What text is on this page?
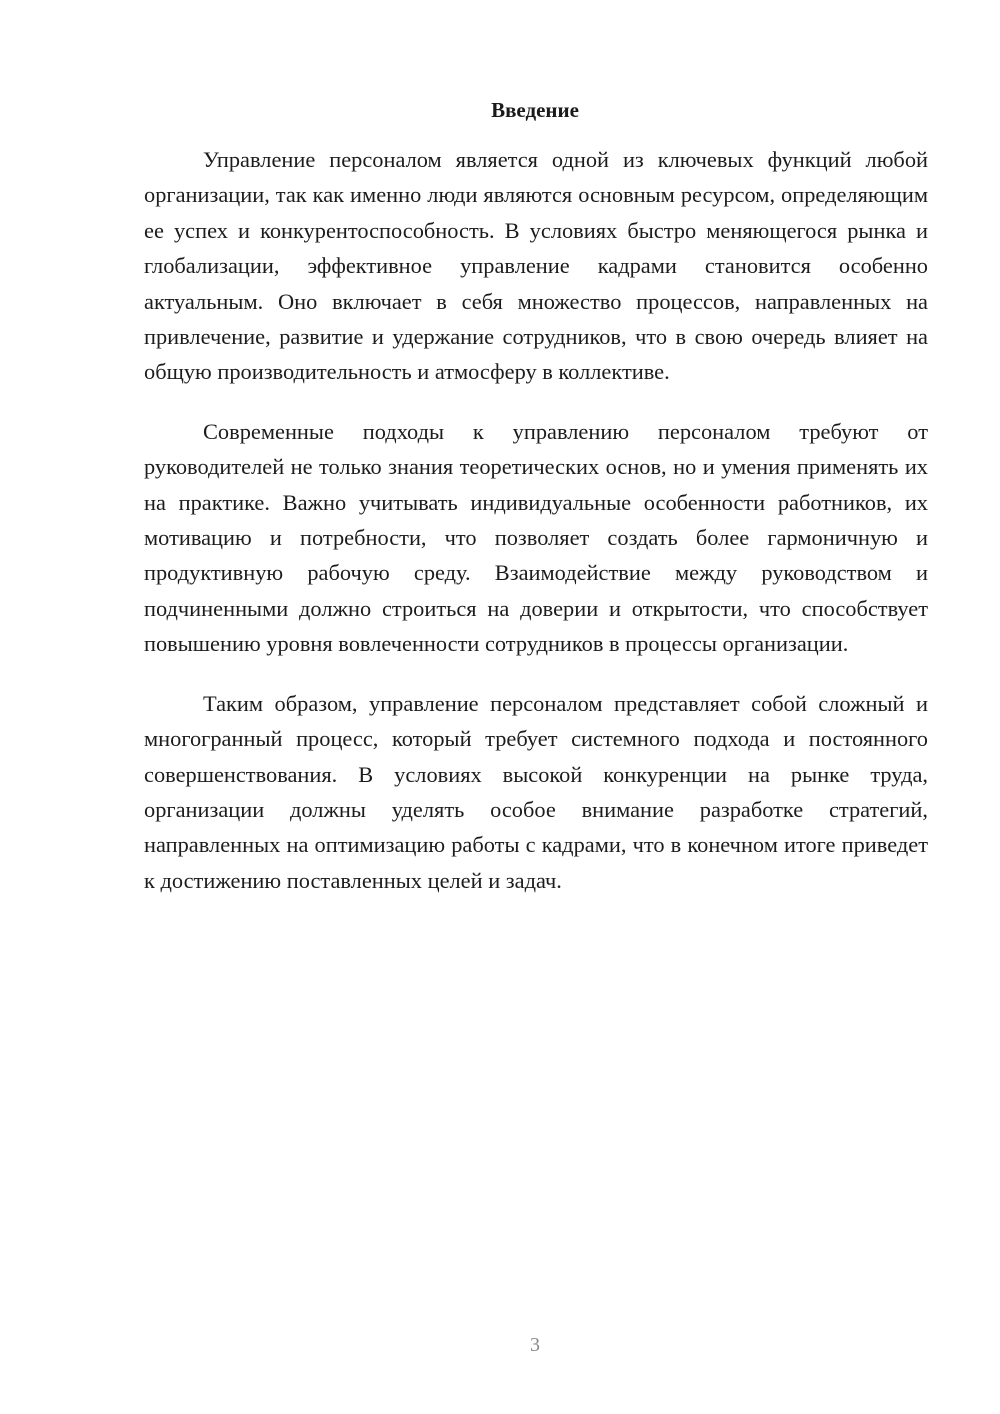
Введение

Управление персоналом является одной из ключевых функций любой организации, так как именно люди являются основным ресурсом, определяющим ее успех и конкурентоспособность. В условиях быстро меняющегося рынка и глобализации, эффективное управление кадрами становится особенно актуальным. Оно включает в себя множество процессов, направленных на привлечение, развитие и удержание сотрудников, что в свою очередь влияет на общую производительность и атмосферу в коллективе.

Современные подходы к управлению персоналом требуют от руководителей не только знания теоретических основ, но и умения применять их на практике. Важно учитывать индивидуальные особенности работников, их мотивацию и потребности, что позволяет создать более гармоничную и продуктивную рабочую среду. Взаимодействие между руководством и подчиненными должно строиться на доверии и открытости, что способствует повышению уровня вовлеченности сотрудников в процессы организации.

Таким образом, управление персоналом представляет собой сложный и многогранный процесс, который требует системного подхода и постоянного совершенствования. В условиях высокой конкуренции на рынке труда, организации должны уделять особое внимание разработке стратегий, направленных на оптимизацию работы с кадрами, что в конечном итоге приведет к достижению поставленных целей и задач.

3
